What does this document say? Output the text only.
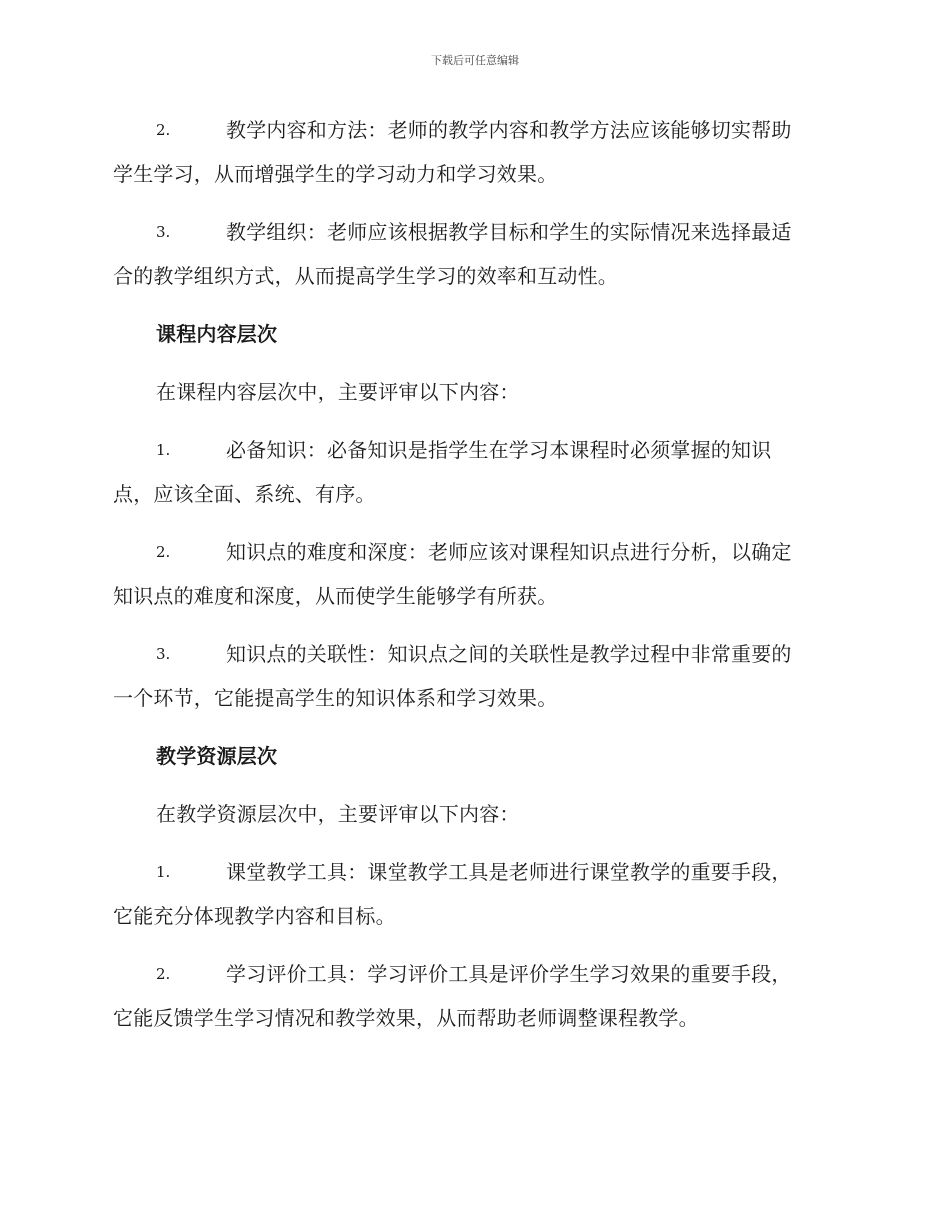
下载后可任意编辑
2.	教学内容和方法：老师的教学内容和教学方法应该能够切实帮助
学生学习，从而增强学生的学习动力和学习效果。
3.	教学组织：老师应该根据教学目标和学生的实际情况来选择最适
合的教学组织方式，从而提高学生学习的效率和互动性。
课程内容层次
在课程内容层次中，主要评审以下内容：
1.	必备知识：必备知识是指学生在学习本课程时必须掌握的知识
点，应该全面、系统、有序。
2.	知识点的难度和深度：老师应该对课程知识点进行分析，以确定
知识点的难度和深度，从而使学生能够学有所获。
3.	知识点的关联性：知识点之间的关联性是教学过程中非常重要的
一个环节，它能提高学生的知识体系和学习效果。
教学资源层次
在教学资源层次中，主要评审以下内容：
1.	课堂教学工具：课堂教学工具是老师进行课堂教学的重要手段，
它能充分体现教学内容和目标。
2.	学习评价工具：学习评价工具是评价学生学习效果的重要手段，
它能反馈学生学习情况和教学效果，从而帮助老师调整课程教学。
